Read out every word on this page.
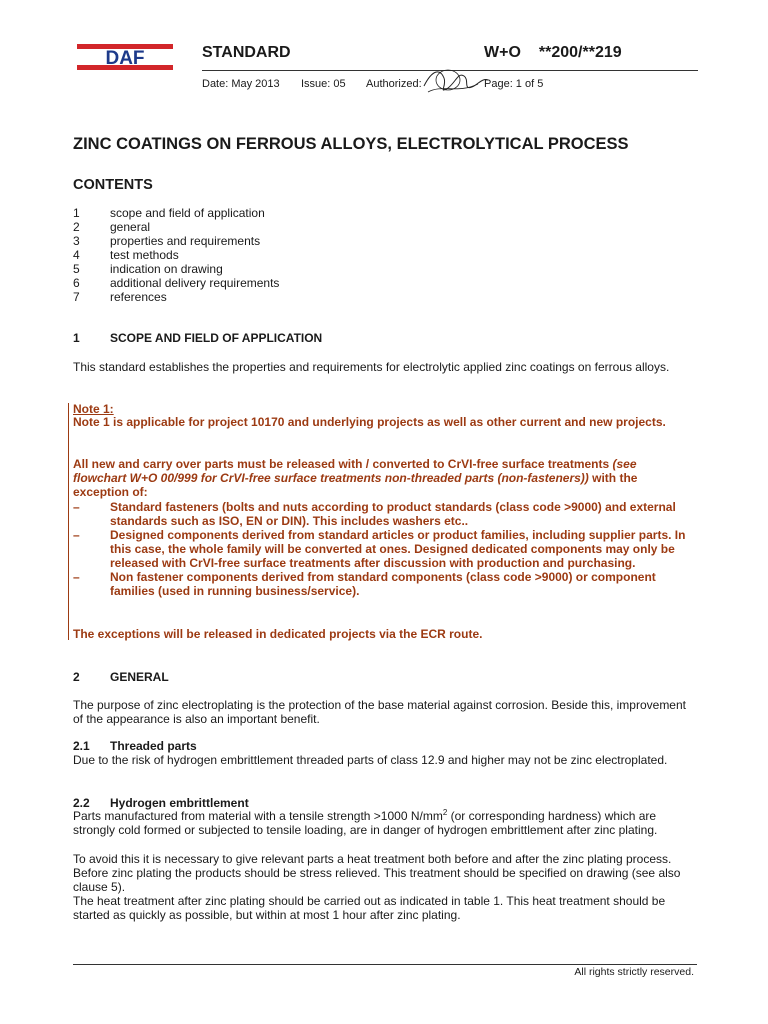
DAF	STANDARD	W+O **200/**219
Date: May 2013 Issue: 05 Authorized:	Page: 1 of 5
ZINC COATINGS ON FERROUS ALLOYS, ELECTROLYTICAL PROCESS
CONTENTS
1	scope and field of application
2	general
3	properties and requirements
4	test methods
5	indication on drawing
6	additional delivery requirements
7	references
1	SCOPE AND FIELD OF APPLICATION
This standard establishes the properties and requirements for electrolytic applied zinc coatings on ferrous alloys.
Note 1:
Note 1 is applicable for project 10170 and underlying projects as well as other current and new projects.
All new and carry over parts must be released with / converted to CrVI-free surface treatments (see flowchart W+O 00/999 for CrVI-free surface treatments non-threaded parts (non-fasteners)) with the exception of:
–	Standard fasteners (bolts and nuts according to product standards (class code >9000) and external standards such as ISO, EN or DIN). This includes washers etc..
–	Designed components derived from standard articles or product families, including supplier parts. In this case, the whole family will be converted at ones. Designed dedicated components may only be released with CrVI-free surface treatments after discussion with production and purchasing.
–	Non fastener components derived from standard components (class code >9000) or component families (used in running business/service).
The exceptions will be released in dedicated projects via the ECR route.
2	GENERAL
The purpose of zinc electroplating is the protection of the base material against corrosion. Beside this, improvement of the appearance is also an important benefit.
2.1 Threaded parts
Due to the risk of hydrogen embrittlement threaded parts of class 12.9 and higher may not be zinc electroplated.
2.2 Hydrogen embrittlement
Parts manufactured from material with a tensile strength >1000 $N/mm^2$ (or corresponding hardness) which are strongly cold formed or subjected to tensile loading, are in danger of hydrogen embrittlement after zinc plating.
To avoid this it is necessary to give relevant parts a heat treatment both before and after the zinc plating process. Before zinc plating the products should be stress relieved. This treatment should be specified on drawing (see also clause 5).
The heat treatment after zinc plating should be carried out as indicated in table 1. This heat treatment should be started as quickly as possible, but within at most 1 hour after zinc plating.
All rights strictly reserved.
